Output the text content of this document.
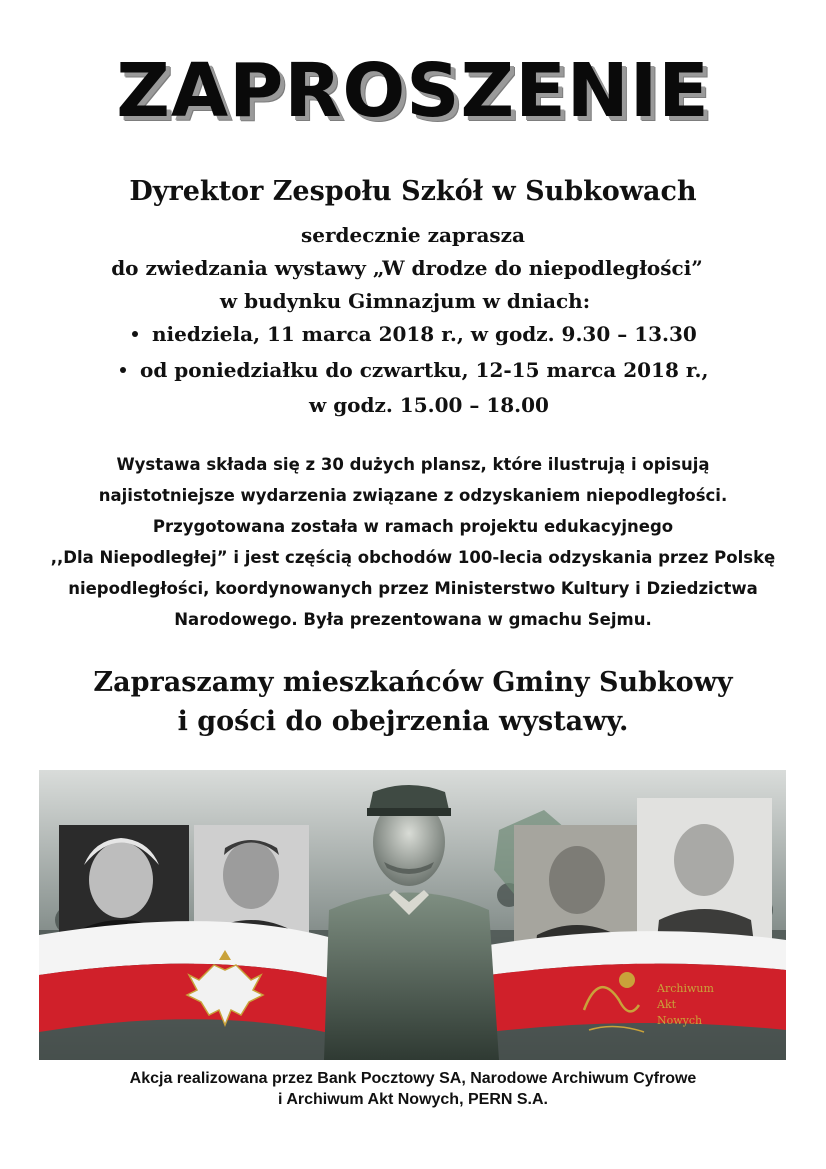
ZAPROSZENIE
Dyrektor Zespołu Szkół w Subkowach
serdecznie zaprasza
do zwiedzania wystawy „W drodze do niepodległości”
w budynku Gimnazjum w dniach:
niedziela, 11 marca 2018 r., w godz. 9.30 – 13.30
od poniedziałku do czwartku, 12-15 marca 2018 r.,
w godz. 15.00 – 18.00
Wystawa składa się z 30 dużych plansz, które ilustrują i opisują
najistotniejsze wydarzenia związane z odzyskaniem niepodległości.
Przygotowana została w ramach projektu edukacyjnego
,,Dla Niepodległej” i jest częścią obchodów 100-lecia odzyskania przez Polskę
niepodległości, koordynowanych przez Ministerstwo Kultury i Dziedzictwa
Narodowego. Była prezentowana w gmachu Sejmu.
Zapraszamy mieszkańców Gminy Subkowy
i gości do obejrzenia wystawy.
Archiwum
Akt
Nowych
Akcja realizowana przez Bank Pocztowy SA, Narodowe Archiwum Cyfrowe
i Archiwum Akt Nowych, PERN S.A.
